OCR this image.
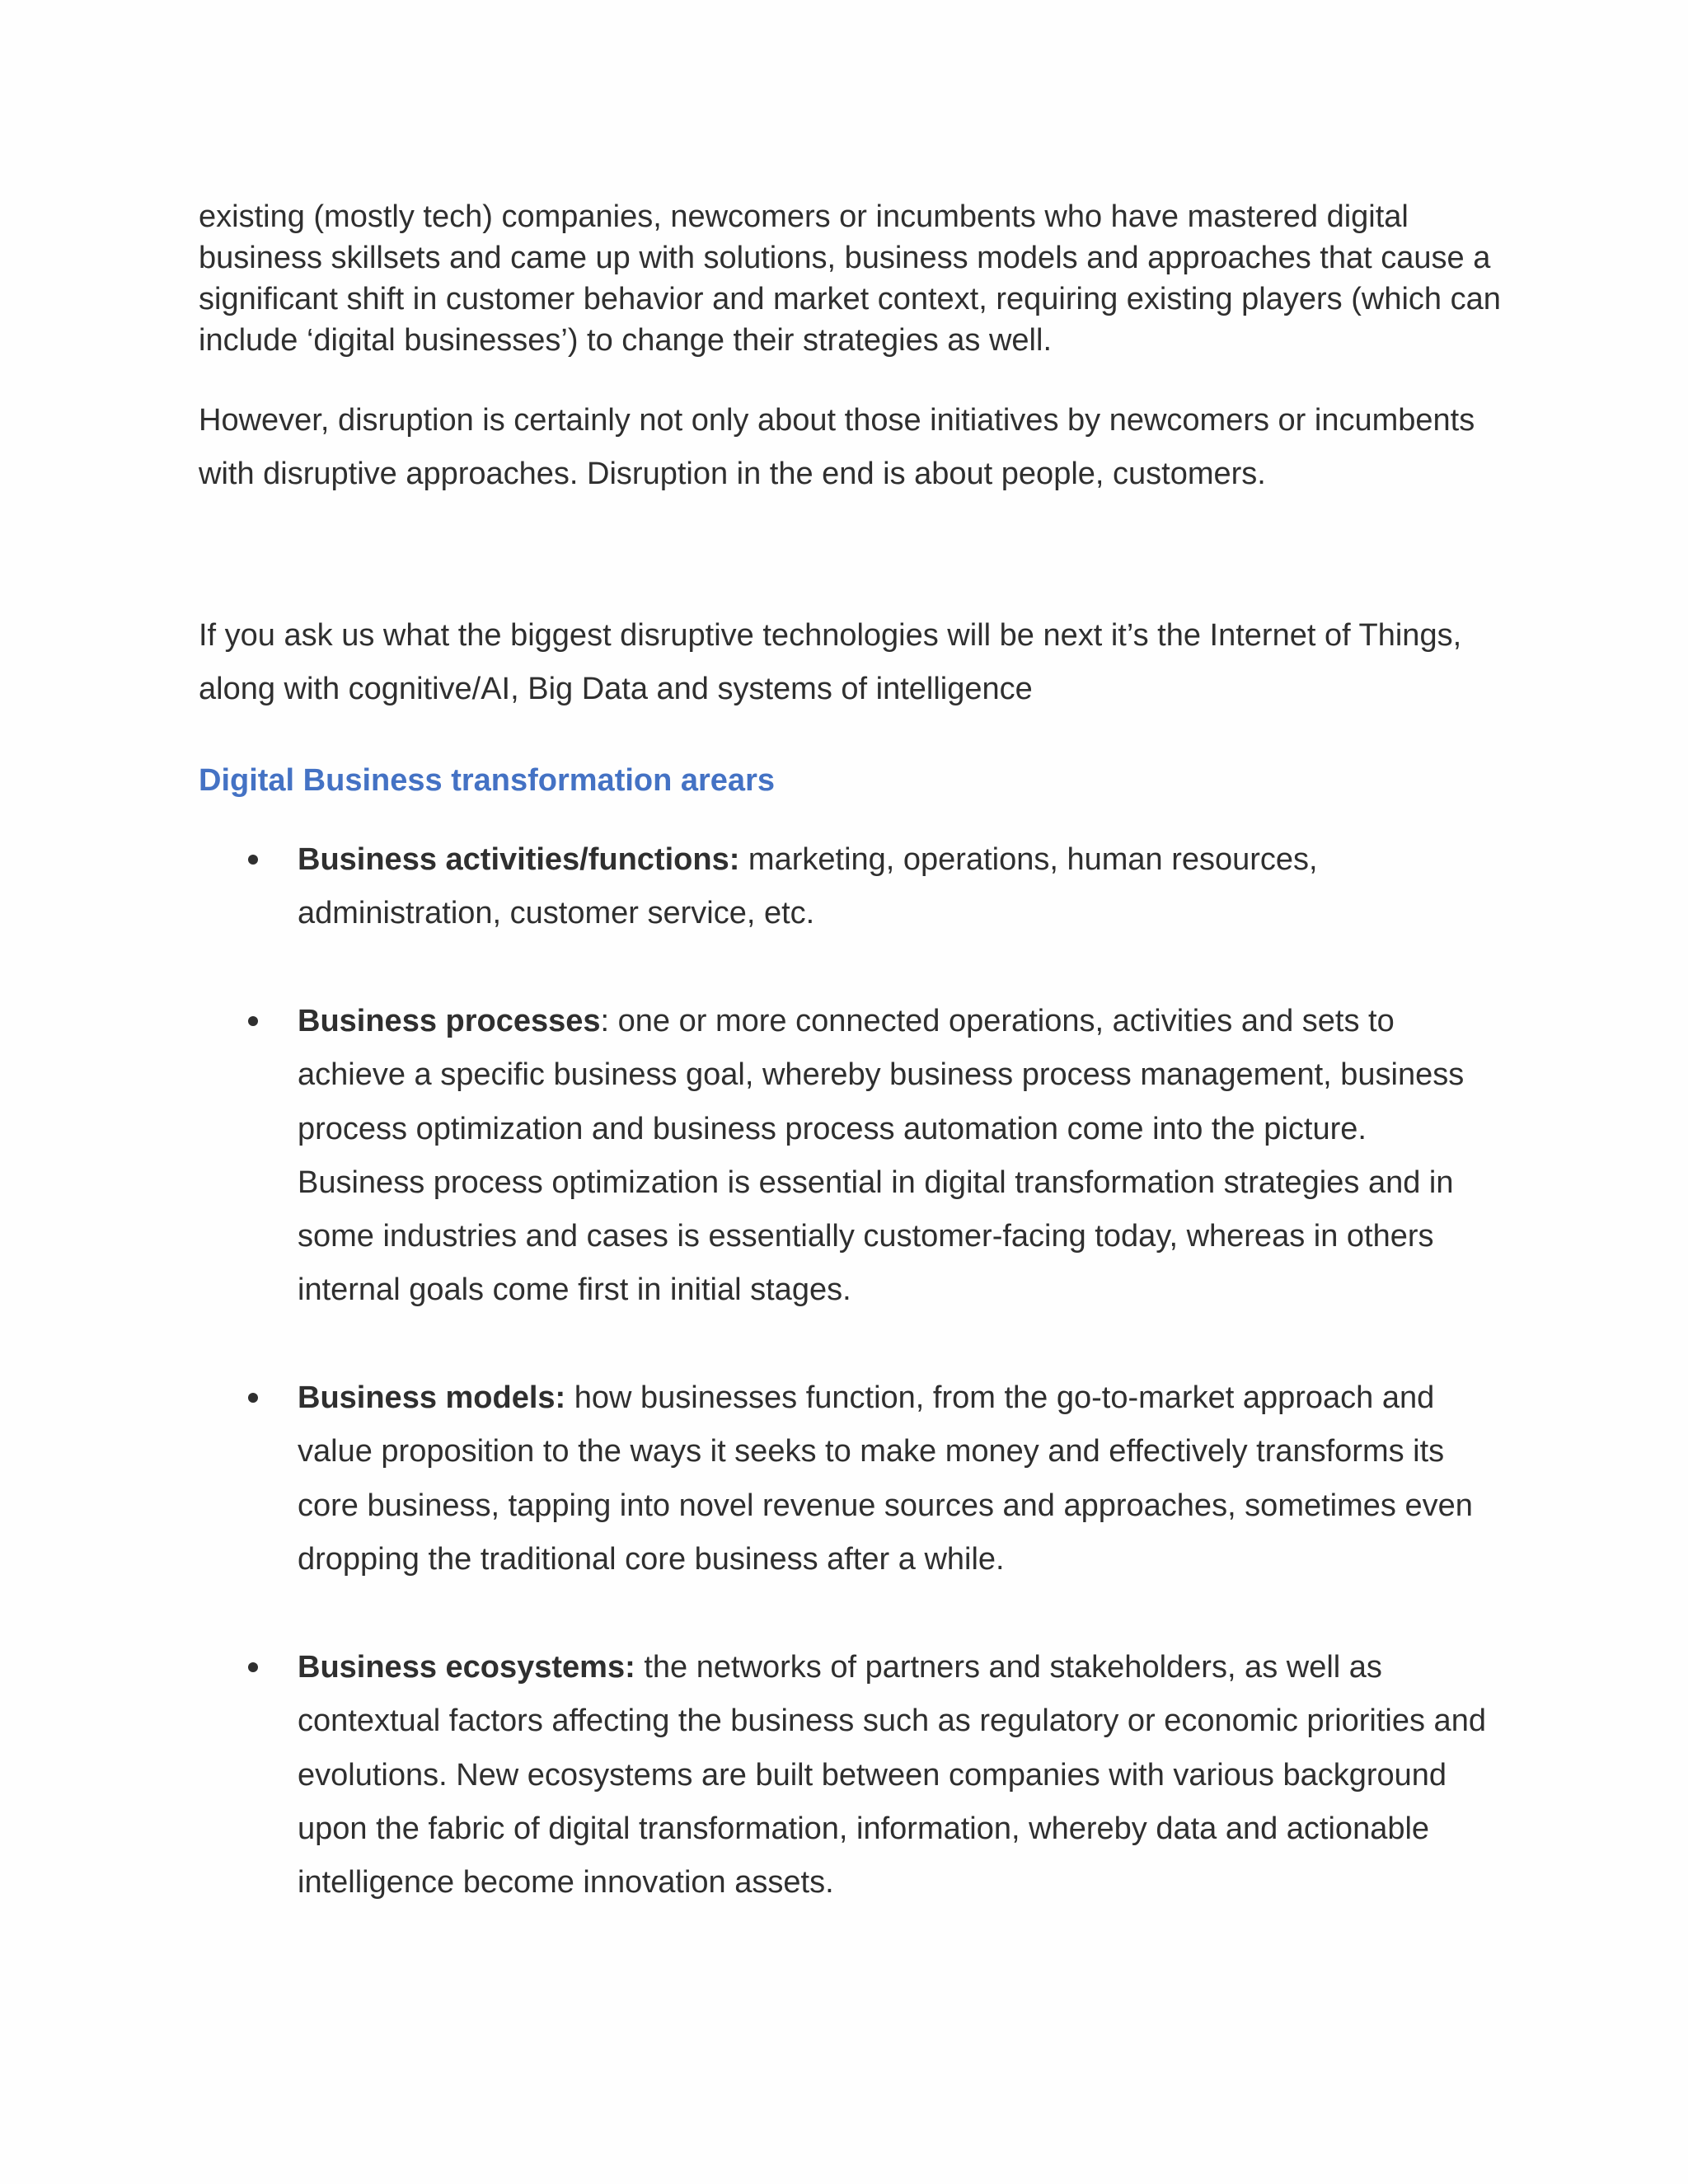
existing (mostly tech) companies, newcomers or incumbents who have mastered digital business skillsets and came up with solutions, business models and approaches that cause a significant shift in customer behavior and market context, requiring existing players (which can include ‘digital businesses’) to change their strategies as well.

However, disruption is certainly not only about those initiatives by newcomers or incumbents with disruptive approaches. Disruption in the end is about people, customers.

If you ask us what the biggest disruptive technologies will be next it’s the Internet of Things, along with cognitive/AI, Big Data and systems of intelligence

Digital Business transformation arears
Business activities/functions: marketing, operations, human resources, administration, customer service, etc.
Business processes: one or more connected operations, activities and sets to achieve a specific business goal, whereby business process management, business process optimization and business process automation come into the picture. Business process optimization is essential in digital transformation strategies and in some industries and cases is essentially customer-facing today, whereas in others internal goals come first in initial stages.
Business models: how businesses function, from the go-to-market approach and value proposition to the ways it seeks to make money and effectively transforms its core business, tapping into novel revenue sources and approaches, sometimes even dropping the traditional core business after a while.
Business ecosystems: the networks of partners and stakeholders, as well as contextual factors affecting the business such as regulatory or economic priorities and evolutions. New ecosystems are built between companies with various background upon the fabric of digital transformation, information, whereby data and actionable intelligence become innovation assets.
